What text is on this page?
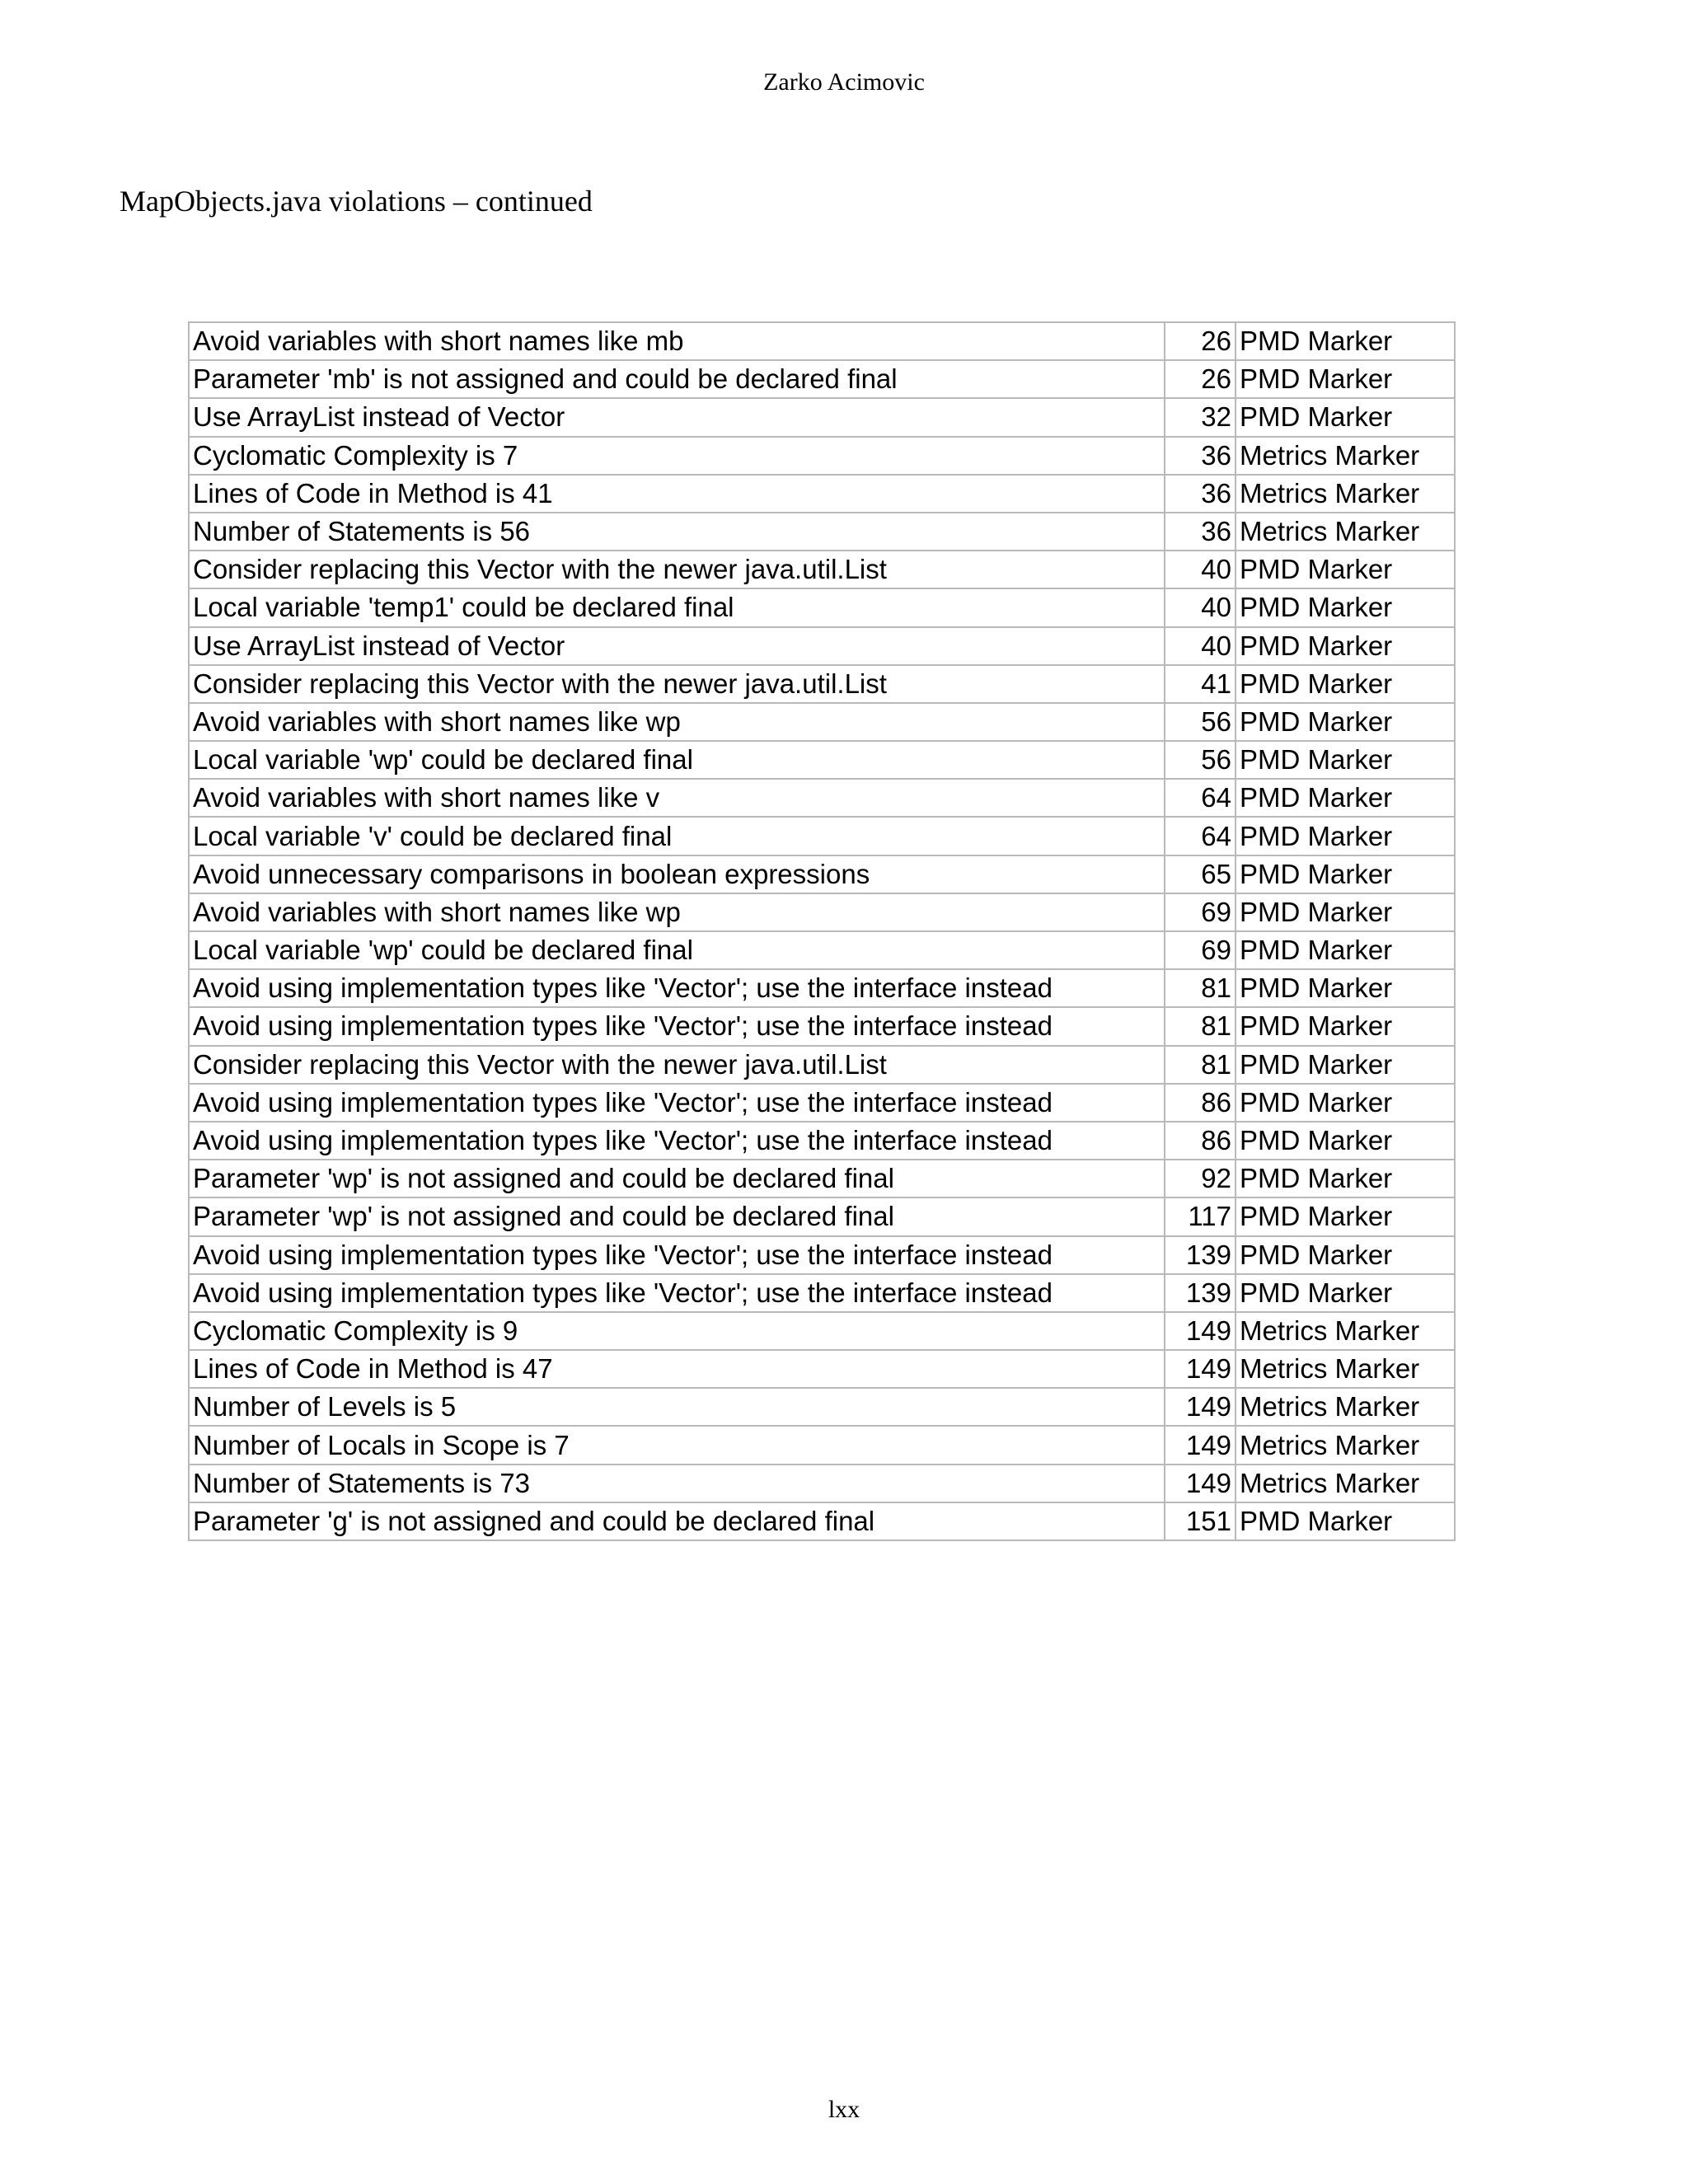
Zarko Acimovic
MapObjects.java violations – continued
Avoid variables with short names like mb	26	PMD Marker
Parameter 'mb' is not assigned and could be declared final	26	PMD Marker
Use ArrayList instead of Vector	32	PMD Marker
Cyclomatic Complexity is 7	36	Metrics Marker
Lines of Code in Method is 41	36	Metrics Marker
Number of Statements is 56	36	Metrics Marker
Consider replacing this Vector with the newer java.util.List	40	PMD Marker
Local variable 'temp1' could be declared final	40	PMD Marker
Use ArrayList instead of Vector	40	PMD Marker
Consider replacing this Vector with the newer java.util.List	41	PMD Marker
Avoid variables with short names like wp	56	PMD Marker
Local variable 'wp' could be declared final	56	PMD Marker
Avoid variables with short names like v	64	PMD Marker
Local variable 'v' could be declared final	64	PMD Marker
Avoid unnecessary comparisons in boolean expressions	65	PMD Marker
Avoid variables with short names like wp	69	PMD Marker
Local variable 'wp' could be declared final	69	PMD Marker
Avoid using implementation types like 'Vector'; use the interface instead	81	PMD Marker
Avoid using implementation types like 'Vector'; use the interface instead	81	PMD Marker
Consider replacing this Vector with the newer java.util.List	81	PMD Marker
Avoid using implementation types like 'Vector'; use the interface instead	86	PMD Marker
Avoid using implementation types like 'Vector'; use the interface instead	86	PMD Marker
Parameter 'wp' is not assigned and could be declared final	92	PMD Marker
Parameter 'wp' is not assigned and could be declared final	117	PMD Marker
Avoid using implementation types like 'Vector'; use the interface instead	139	PMD Marker
Avoid using implementation types like 'Vector'; use the interface instead	139	PMD Marker
Cyclomatic Complexity is 9	149	Metrics Marker
Lines of Code in Method is 47	149	Metrics Marker
Number of Levels is 5	149	Metrics Marker
Number of Locals in Scope is 7	149	Metrics Marker
Number of Statements is 73	149	Metrics Marker
Parameter 'g' is not assigned and could be declared final	151	PMD Marker
lxx
